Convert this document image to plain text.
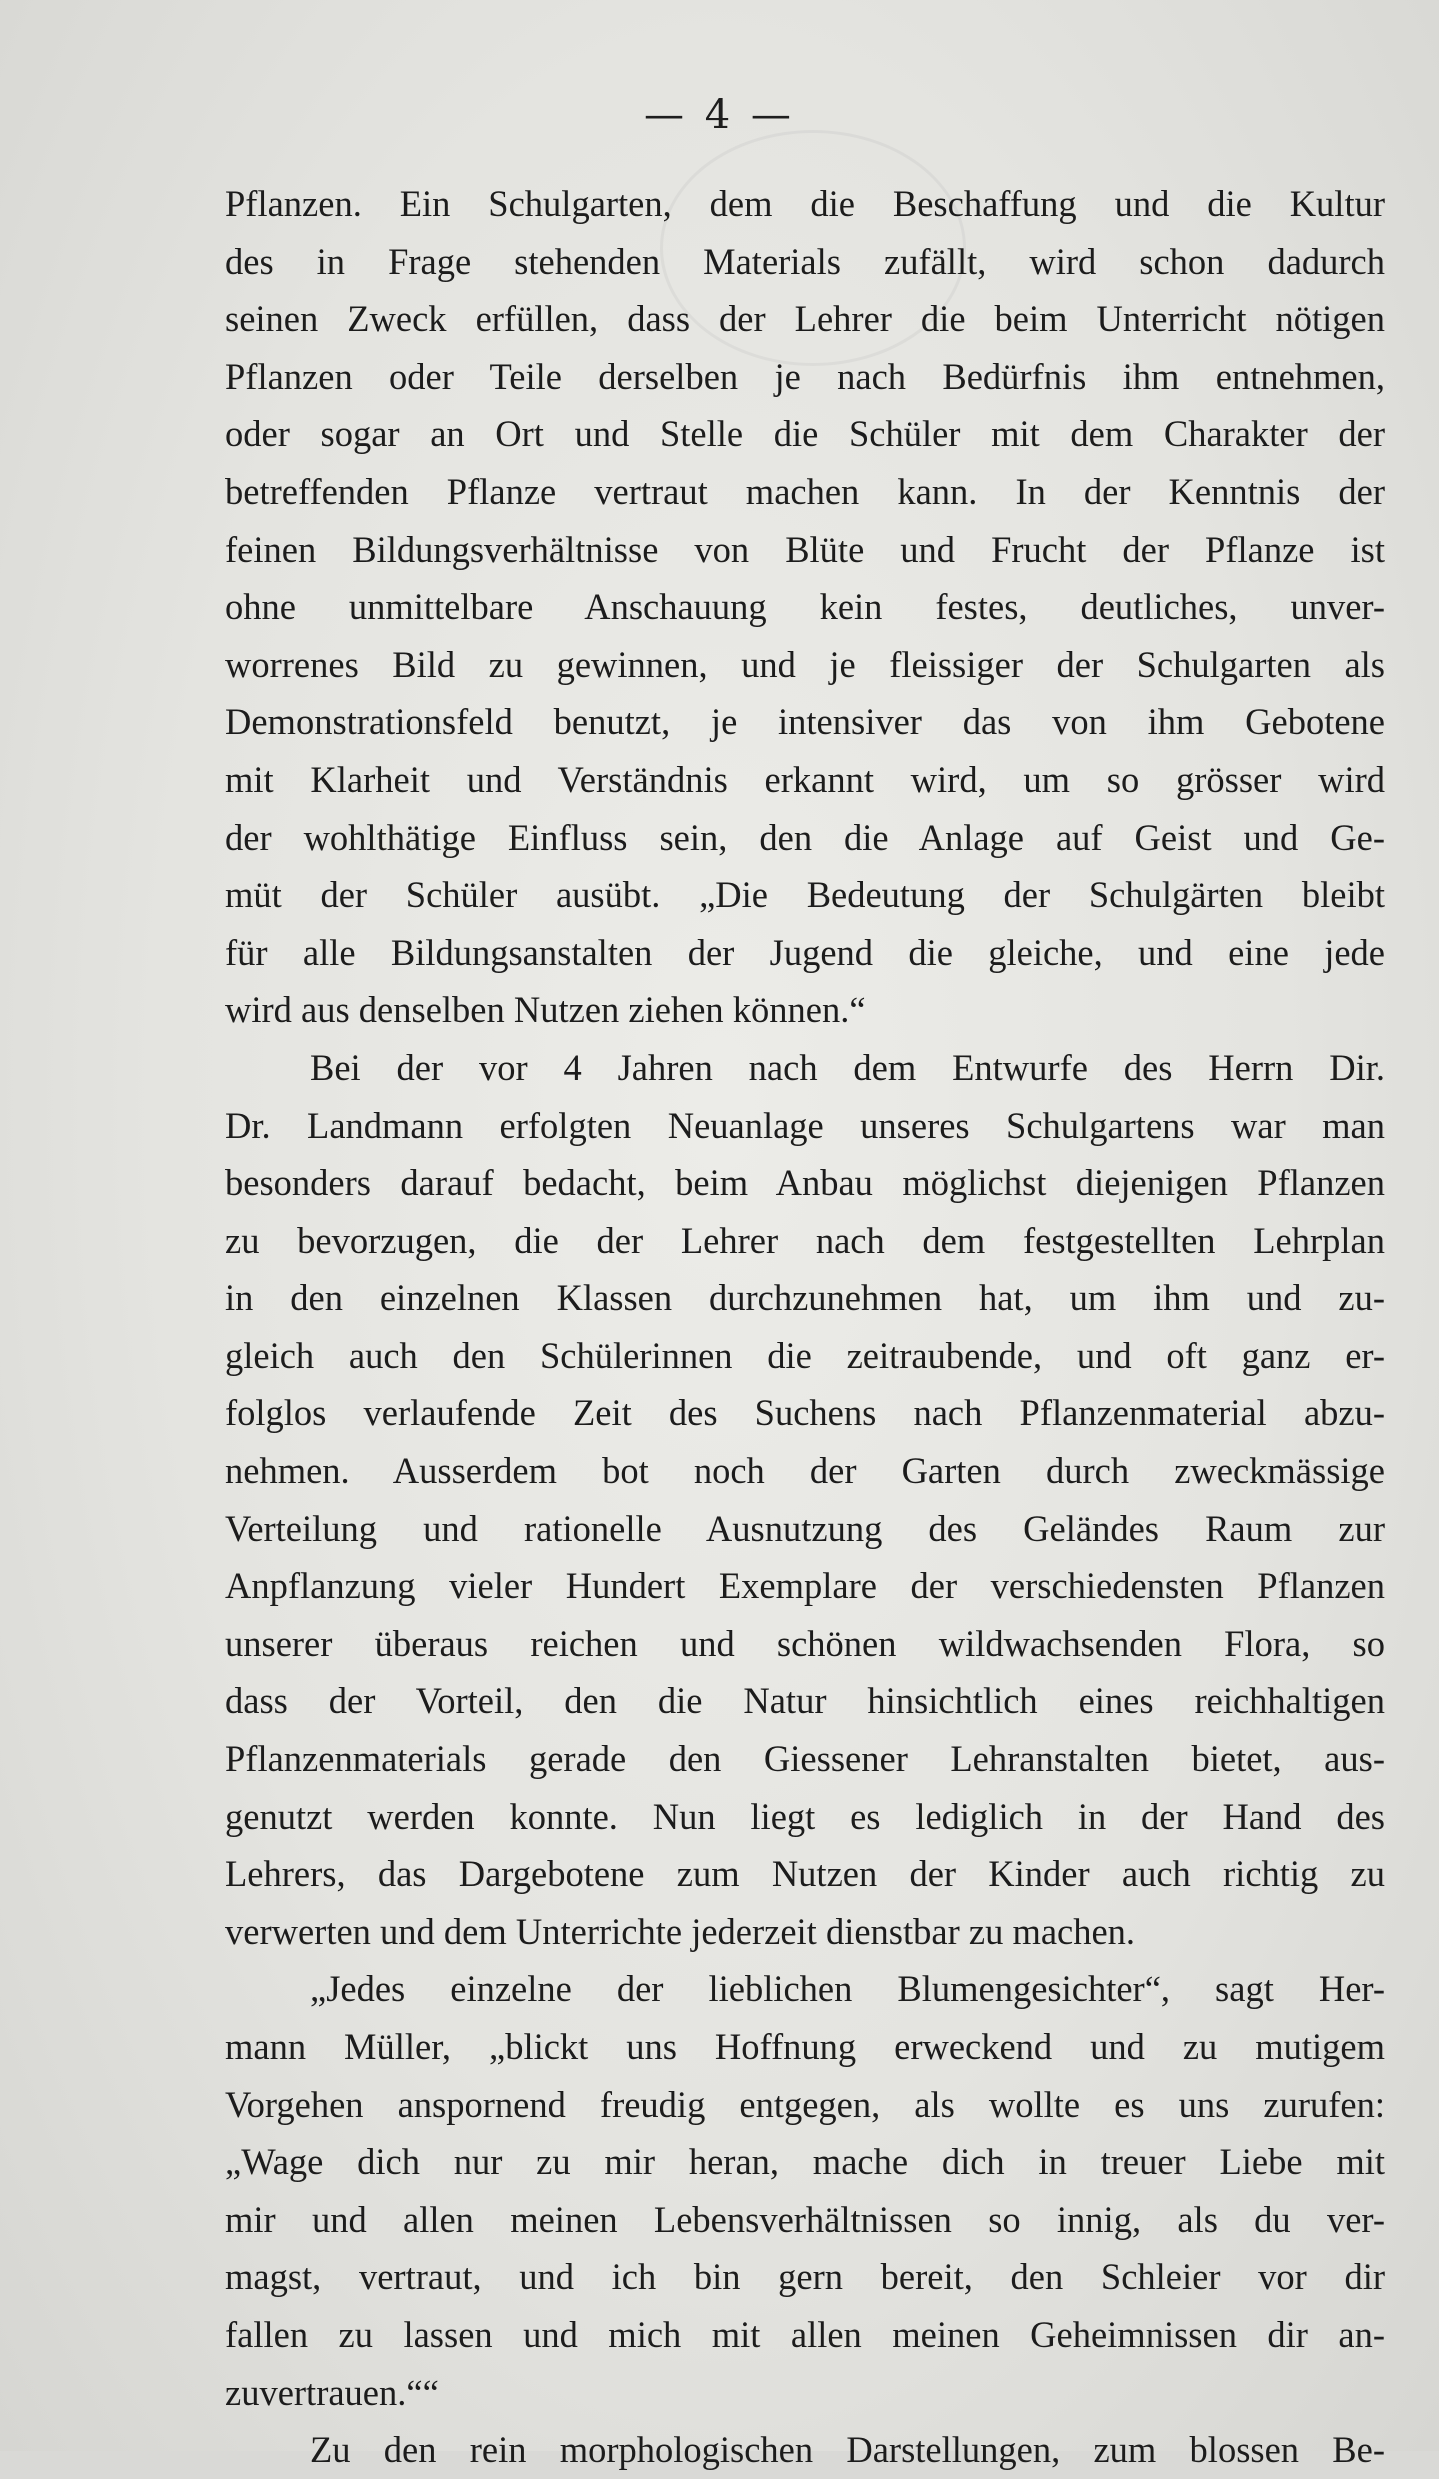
— 4 —
Pflanzen. Ein Schulgarten, dem die Beschaffung und die Kultur
des in Frage stehenden Materials zufällt, wird schon dadurch
seinen Zweck erfüllen, dass der Lehrer die beim Unterricht nötigen
Pflanzen oder Teile derselben je nach Bedürfnis ihm entnehmen,
oder sogar an Ort und Stelle die Schüler mit dem Charakter der
betreffenden Pflanze vertraut machen kann. In der Kenntnis der
feinen Bildungsverhältnisse von Blüte und Frucht der Pflanze ist
ohne unmittelbare Anschauung kein festes, deutliches, unver-
worrenes Bild zu gewinnen, und je fleissiger der Schulgarten als
Demonstrationsfeld benutzt, je intensiver das von ihm Gebotene
mit Klarheit und Verständnis erkannt wird, um so grösser wird
der wohlthätige Einfluss sein, den die Anlage auf Geist und Ge-
müt der Schüler ausübt. „Die Bedeutung der Schulgärten bleibt
für alle Bildungsanstalten der Jugend die gleiche, und eine jede
wird aus denselben Nutzen ziehen können.“
Bei der vor 4 Jahren nach dem Entwurfe des Herrn Dir.
Dr. Landmann erfolgten Neuanlage unseres Schulgartens war man
besonders darauf bedacht, beim Anbau möglichst diejenigen Pflanzen
zu bevorzugen, die der Lehrer nach dem festgestellten Lehrplan
in den einzelnen Klassen durchzunehmen hat, um ihm und zu-
gleich auch den Schülerinnen die zeitraubende, und oft ganz er-
folglos verlaufende Zeit des Suchens nach Pflanzenmaterial abzu-
nehmen. Ausserdem bot noch der Garten durch zweckmässige
Verteilung und rationelle Ausnutzung des Geländes Raum zur
Anpflanzung vieler Hundert Exemplare der verschiedensten Pflanzen
unserer überaus reichen und schönen wildwachsenden Flora, so
dass der Vorteil, den die Natur hinsichtlich eines reichhaltigen
Pflanzenmaterials gerade den Giessener Lehranstalten bietet, aus-
genutzt werden konnte. Nun liegt es lediglich in der Hand des
Lehrers, das Dargebotene zum Nutzen der Kinder auch richtig zu
verwerten und dem Unterrichte jederzeit dienstbar zu machen.
„Jedes einzelne der lieblichen Blumengesichter“, sagt Her-
mann Müller, „blickt uns Hoffnung erweckend und zu mutigem
Vorgehen anspornend freudig entgegen, als wollte es uns zurufen:
„Wage dich nur zu mir heran, mache dich in treuer Liebe mit
mir und allen meinen Lebensverhältnissen so innig, als du ver-
magst, vertraut, und ich bin gern bereit, den Schleier vor dir
fallen zu lassen und mich mit allen meinen Geheimnissen dir an-
zuvertrauen.““
Zu den rein morphologischen Darstellungen, zum blossen Be-
